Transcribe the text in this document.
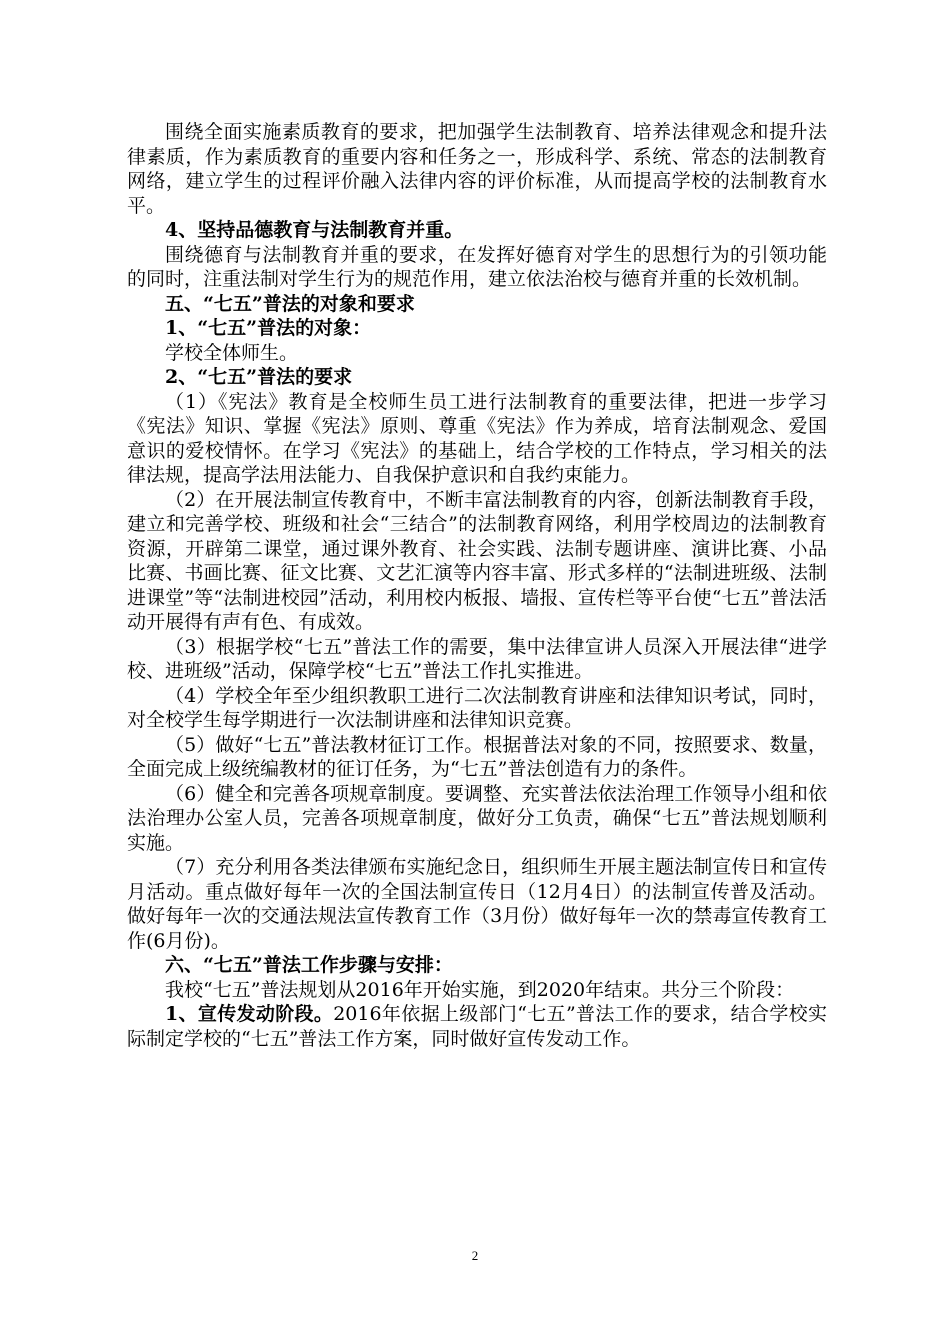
围绕全面实施素质教育的要求，把加强学生法制教育、培养法律观念和提升法律素质，作为素质教育的重要内容和任务之一，形成科学、系统、常态的法制教育网络，建立学生的过程评价融入法律内容的评价标准，从而提高学校的法制教育水平。

4、坚持品德教育与法制教育并重。

围绕德育与法制教育并重的要求，在发挥好德育对学生的思想行为的引领功能的同时，注重法制对学生行为的规范作用，建立依法治校与德育并重的长效机制。

五、“七五”普法的对象和要求

1、“七五”普法的对象：

学校全体师生。

2、“七五”普法的要求

（1）《宪法》教育是全校师生员工进行法制教育的重要法律，把进一步学习《宪法》知识、掌握《宪法》原则、尊重《宪法》作为养成，培育法制观念、爱国意识的爱校情怀。在学习《宪法》的基础上，结合学校的工作特点，学习相关的法律法规，提高学法用法能力、自我保护意识和自我约束能力。

（2）在开展法制宣传教育中，不断丰富法制教育的内容，创新法制教育手段，建立和完善学校、班级和社会“三结合”的法制教育网络，利用学校周边的法制教育资源，开辟第二课堂，通过课外教育、社会实践、法制专题讲座、演讲比赛、小品比赛、书画比赛、征文比赛、文艺汇演等内容丰富、形式多样的“法制进班级、法制进课堂”等“法制进校园”活动，利用校内板报、墙报、宣传栏等平台使“七五”普法活动开展得有声有色、有成效。

（3）根据学校“七五”普法工作的需要，集中法律宣讲人员深入开展法律“进学校、进班级”活动，保障学校“七五”普法工作扎实推进。

（4）学校全年至少组织教职工进行二次法制教育讲座和法律知识考试，同时，对全校学生每学期进行一次法制讲座和法律知识竞赛。

（5）做好“七五”普法教材征订工作。根据普法对象的不同，按照要求、数量，全面完成上级统编教材的征订任务，为“七五”普法创造有力的条件。

（6）健全和完善各项规章制度。要调整、充实普法依法治理工作领导小组和依法治理办公室人员，完善各项规章制度，做好分工负责，确保“七五”普法规划顺利实施。

（7）充分利用各类法律颁布实施纪念日，组织师生开展主题法制宣传日和宣传月活动。重点做好每年一次的全国法制宣传日（12月4日）的法制宣传普及活动。做好每年一次的交通法规法宣传教育工作（3月份）做好每年一次的禁毒宣传教育工作(6月份)。

六、“七五”普法工作步骤与安排：

我校“七五”普法规划从2016年开始实施，到2020年结束。共分三个阶段：

1、宣传发动阶段。2016年依据上级部门“七五”普法工作的要求，结合学校实际制定学校的“七五”普法工作方案，同时做好宣传发动工作。

2
